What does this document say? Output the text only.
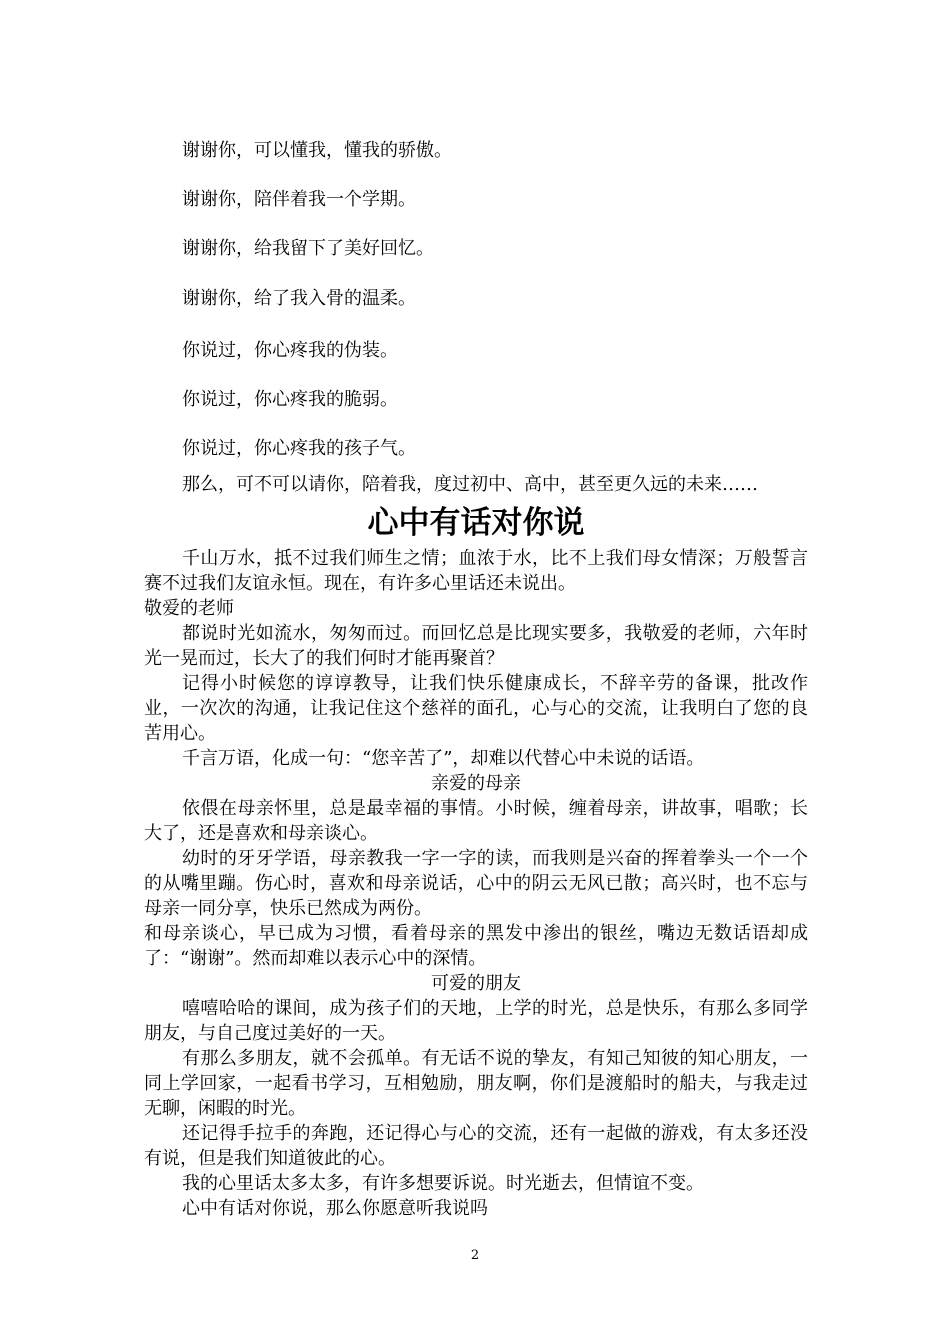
谢谢你，可以懂我，懂我的骄傲。
谢谢你，陪伴着我一个学期。
谢谢你，给我留下了美好回忆。
谢谢你，给了我入骨的温柔。
你说过，你心疼我的伪装。
你说过，你心疼我的脆弱。
你说过，你心疼我的孩子气。
那么，可不可以请你，陪着我，度过初中、高中，甚至更久远的未来……
心中有话对你说

千山万水，抵不过我们师生之情；血浓于水，比不上我们母女情深；万般誓言赛不过我们友谊永恒。现在，有许多心里话还未说出。

敬爱的老师

都说时光如流水，匆匆而过。而回忆总是比现实要多，我敬爱的老师，六年时光一晃而过，长大了的我们何时才能再聚首？

记得小时候您的谆谆教导，让我们快乐健康成长，不辞辛劳的备课，批改作业，一次次的沟通，让我记住这个慈祥的面孔，心与心的交流，让我明白了您的良苦用心。

千言万语，化成一句：“您辛苦了”，却难以代替心中未说的话语。

亲爱的母亲

依偎在母亲怀里，总是最幸福的事情。小时候，缠着母亲，讲故事，唱歌；长大了，还是喜欢和母亲谈心。

幼时的牙牙学语，母亲教我一字一字的读，而我则是兴奋的挥着拳头一个一个的从嘴里蹦。伤心时，喜欢和母亲说话，心中的阴云无风已散；高兴时，也不忘与母亲一同分享，快乐已然成为两份。

和母亲谈心，早已成为习惯，看着母亲的黑发中渗出的银丝，嘴边无数话语却成了：“谢谢”。然而却难以表示心中的深情。

可爱的朋友

嘻嘻哈哈的课间，成为孩子们的天地，上学的时光，总是快乐，有那么多同学朋友，与自己度过美好的一天。

有那么多朋友，就不会孤单。有无话不说的挚友，有知己知彼的知心朋友，一同上学回家，一起看书学习，互相勉励，朋友啊，你们是渡船时的船夫，与我走过无聊，闲暇的时光。

还记得手拉手的奔跑，还记得心与心的交流，还有一起做的游戏，有太多还没有说，但是我们知道彼此的心。

我的心里话太多太多，有许多想要诉说。时光逝去，但情谊不变。

心中有话对你说，那么你愿意听我说吗

2
